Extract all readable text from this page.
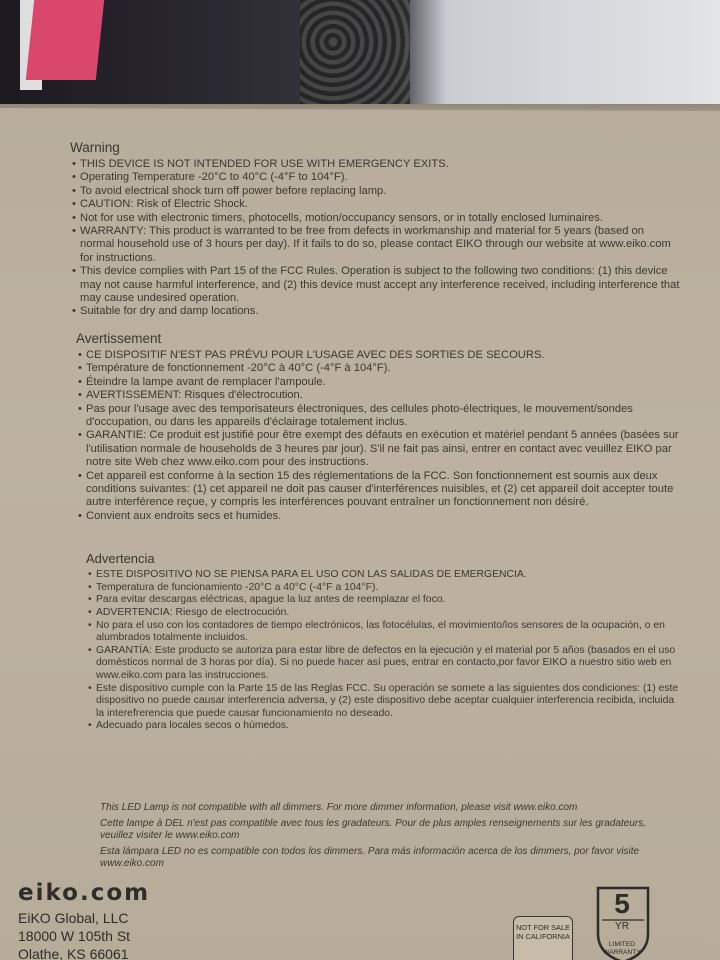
Warning

• THIS DEVICE IS NOT INTENDED FOR USE WITH EMERGENCY EXITS.

• Operating Temperature -20°C to 40°C (-4°F to 104°F).

• To avoid electrical shock turn off power before replacing lamp.

• CAUTION: Risk of Electric Shock.

• Not for use with electronic timers, photocells, motion/occupancy sensors, or in totally enclosed luminaires.

• WARRANTY: This product is warranted to be free from defects in workmanship and material for 5 years (based on normal household use of 3 hours per day). If it fails to do so, please contact EIKO through our website at www.eiko.com for instructions.

• This device complies with Part 15 of the FCC Rules. Operation is subject to the following two conditions: (1) this device may not cause harmful interference, and (2) this device must accept any interference received, including interference that may cause undesired operation.

• Suitable for dry and damp locations.

Avertissement

• CE DISPOSITIF N'EST PAS PRÉVU POUR L'USAGE AVEC DES SORTIES DE SECOURS.

• Température de fonctionnement -20°C à 40°C (-4°F à 104°F).

• Éteindre la lampe avant de remplacer l'ampoule.

• AVERTISSEMENT: Risques d'électrocution.

• Pas pour l'usage avec des temporisateurs électroniques, des cellules photo-électriques, le mouvement/sondes d'occupation, ou dans les appareils d'éclairage totalement inclus.

• GARANTIE: Ce produit est justifié pour être exempt des défauts en exécution et matériel pendant 5 années (basées sur l'utilisation normale de households de 3 heures par jour). S'il ne fait pas ainsi, entrer en contact avec veuillez EIKO par notre site Web chez www.eiko.com pour des instructions.

• Cet appareil est conforme à la section 15 des réglementations de la FCC. Son fonctionnement est soumis aux deux conditions suivantes: (1) cet appareil ne doit pas causer d'interférences nuisibles, et (2) cet appareil doit accepter toute autre interférence reçue, y compris les interférences pouvant entraîner un fonctionnement non désiré.

• Convient aux endroits secs et humides.

Advertencia

• ESTE DISPOSITIVO NO SE PIENSA PARA EL USO CON LAS SALIDAS DE EMERGENCIA.

• Temperatura de funcionamiento -20°C a 40°C (-4°F a 104°F).

• Para evitar descargas eléctricas, apague la luz antes de reemplazar el foco.

• ADVERTENCIA: Riesgo de electrocución.

• No para el uso con los contadores de tiempo electrónicos, las fotocélulas, el movimiento/los sensores de la ocupación, o en alumbrados totalmente incluidos.

• GARANTÍA: Este producto se autoriza para estar libre de defectos en la ejecución y el material por 5 años (basados en el uso domésticos normal de 3 horas por día). Si no puede hacer así pues, entrar en contacto,por favor EIKO a nuestro sitio web en www.eiko.com para las instrucciones.

• Este dispositivo cumple con la Parte 15 de las Reglas FCC. Su operación se somete a las siguientes dos condiciones: (1) este dispositivo no puede causar interferencia adversa, y (2) este dispositivo debe aceptar cualquier interferencia recibida, incluida la interefrerencia que puede causar funcionamiento no deseado.

• Adecuado para locales secos o húmedos.

This LED Lamp is not compatible with all dimmers. For more dimmer information, please visit www.eiko.com

Cette lampe à DEL n'est pas compatible avec tous les gradateurs. Pour de plus amples renseignements sur les gradateurs, veuillez visiter le www.eiko.com

Esta lámpara LED no es compatible con todos los dimmers. Para más información acerca de los dimmers, por favor visite www.eiko.com

eiko.com
EiKO Global, LLC
18000 W 105th St
Olathe, KS 66061
NOT FOR SALE IN CALIFORNIA
5
YR
LIMITED WARRANTY
